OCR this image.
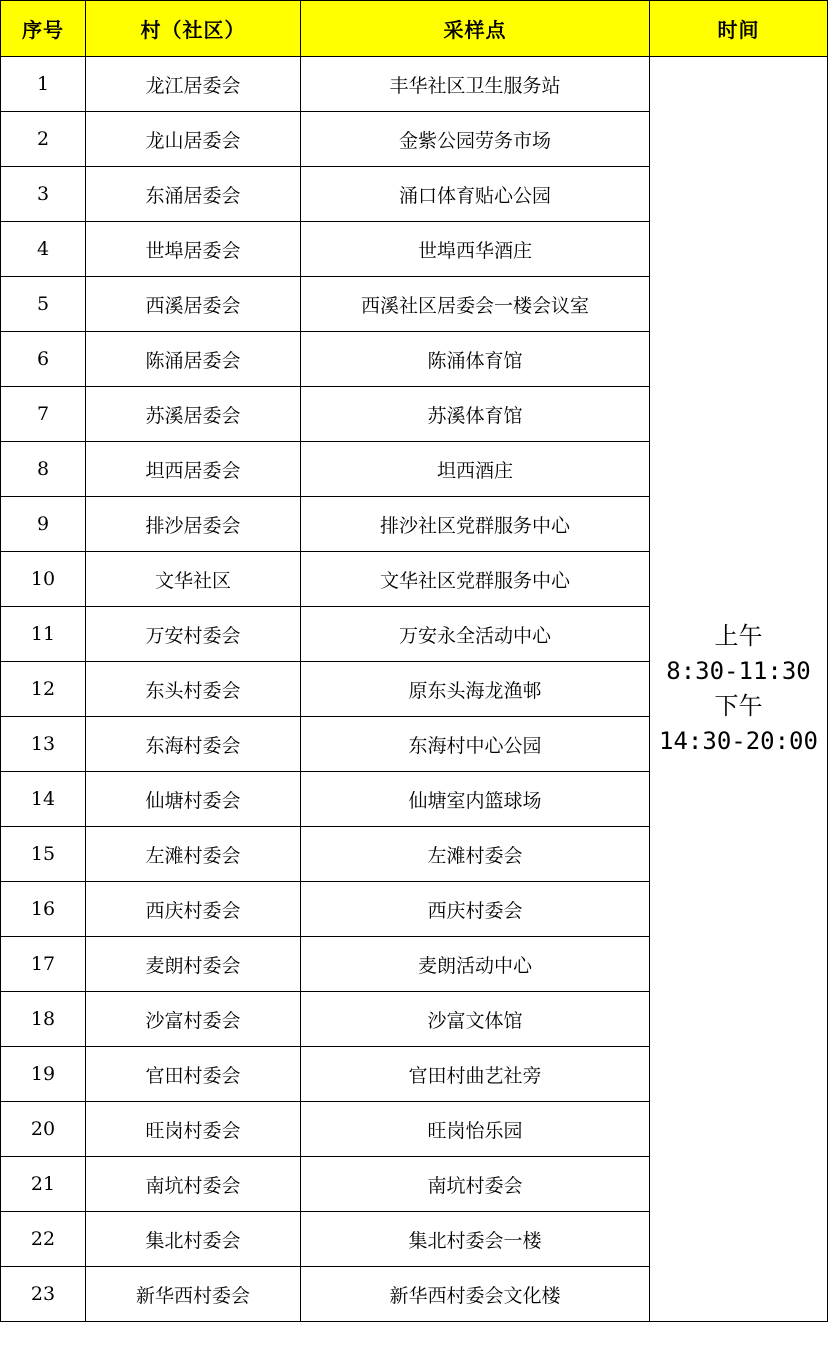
序号	村（社区）	采样点	时间
1	龙江居委会	丰华社区卫生服务站	上午
8:30-11:30
下午
14:30-20:00

2	龙山居委会	金紫公园劳务市场	
3	东涌居委会	涌口体育贴心公园	
4	世埠居委会	世埠西华酒庄	
5	西溪居委会	西溪社区居委会一楼会议室	
6	陈涌居委会	陈涌体育馆	
7	苏溪居委会	苏溪体育馆	
8	坦西居委会	坦西酒庄	
9	排沙居委会	排沙社区党群服务中心	
10	文华社区	文华社区党群服务中心	
11	万安村委会	万安永全活动中心	
12	东头村委会	原东头海龙渔邨	
13	东海村委会	东海村中心公园	
14	仙塘村委会	仙塘室内篮球场	
15	左滩村委会	左滩村委会	
16	西庆村委会	西庆村委会	
17	麦朗村委会	麦朗活动中心	
18	沙富村委会	沙富文体馆	
19	官田村委会	官田村曲艺社旁	
20	旺岗村委会	旺岗怡乐园	
21	南坑村委会	南坑村委会	
22	集北村委会	集北村委会一楼	
23	新华西村委会	新华西村委会文化楼	
